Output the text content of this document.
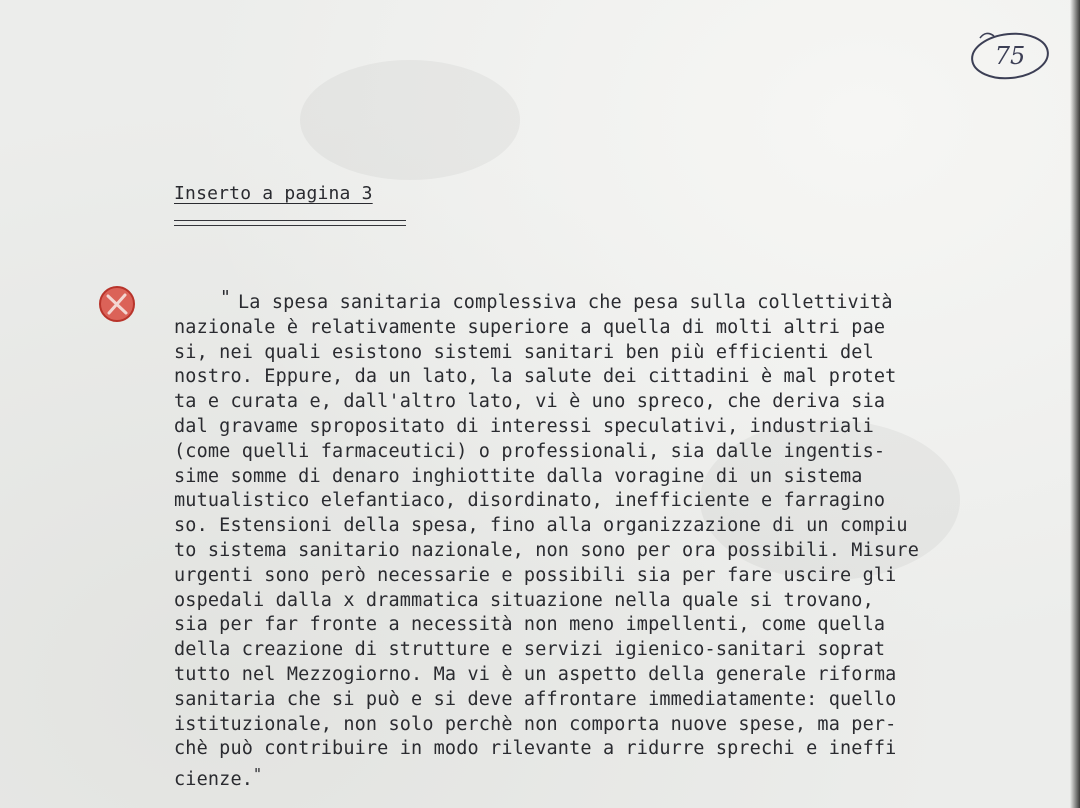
75
Inserto a pagina 3
" La spesa sanitaria complessiva che pesa sulla collettività
nazionale è relativamente superiore a quella di molti altri pae
si, nei quali esistono sistemi sanitari ben più efficienti del
nostro. Eppure, da un lato, la salute dei cittadini è mal protet
ta e curata e, dall'altro lato, vi è uno spreco, che deriva sia
dal gravame spropositato di interessi speculativi, industriali
(come quelli farmaceutici) o professionali, sia dalle ingentis-
sime somme di denaro inghiottite dalla voragine di un sistema
mutualistico elefantiaco, disordinato, inefficiente e farragino
so. Estensioni della spesa, fino alla organizzazione di un compiu
to sistema sanitario nazionale, non sono per ora possibili. Misure
urgenti sono però necessarie e possibili sia per fare uscire gli
ospedali dalla x drammatica situazione nella quale si trovano,
sia per far fronte a necessità non meno impellenti, come quella
della creazione di strutture e servizi igienico-sanitari soprat
tutto nel Mezzogiorno. Ma vi è un aspetto della generale riforma
sanitaria che si può e si deve affrontare immediatamente: quello
istituzionale, non solo perchè non comporta nuove spese, ma per-
chè può contribuire in modo rilevante a ridurre sprechi e ineffi
cienze."
